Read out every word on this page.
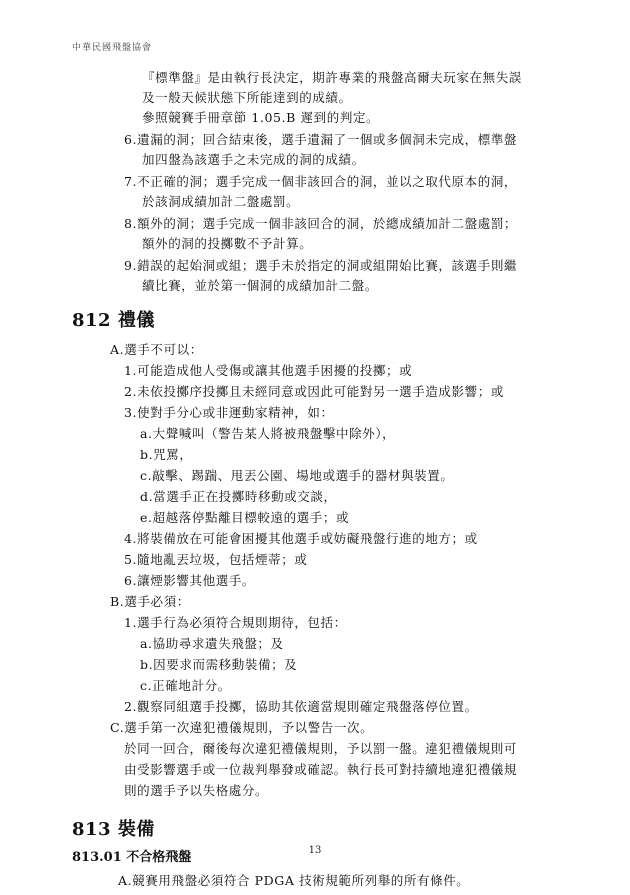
中華民國飛盤協會
812 禮儀
813 裝備
813.01 不合格飛盤
『標準盤』是由執行長決定，期許專業的飛盤高爾夫玩家在無失誤
及一般天候狀態下所能達到的成績。
參照競賽手冊章節 1.05.B 遲到的判定。
6.遺漏的洞；回合結束後，選手遺漏了一個或多個洞未完成，標準盤
加四盤為該選手之未完成的洞的成績。
7.不正確的洞；選手完成一個非該回合的洞，並以之取代原本的洞，
於該洞成績加計二盤處罰。
8.額外的洞；選手完成一個非該回合的洞，於總成績加計二盤處罰；
額外的洞的投擲數不予計算。
9.錯誤的起始洞或組；選手未於指定的洞或組開始比賽，該選手則繼
續比賽，並於第一個洞的成績加計二盤。
A.選手不可以：
1.可能造成他人受傷或讓其他選手困擾的投擲；或
2.未依投擲序投擲且未經同意或因此可能對另一選手造成影響；或
3.使對手分心或非運動家精神，如：
a.大聲喊叫（警告某人將被飛盤擊中除外），
b.咒罵，
c.敲擊、踢踹、甩丟公園、場地或選手的器材與裝置。
d.當選手正在投擲時移動或交談，
e.超越落停點離目標較遠的選手；或
4.將裝備放在可能會困擾其他選手或妨礙飛盤行進的地方；或
5.隨地亂丟垃圾，包括煙蒂；或
6.讓煙影響其他選手。
B.選手必須：
1.選手行為必須符合規則期待，包括：
a.協助尋求遺失飛盤；及
b.因要求而需移動裝備；及
c.正確地計分。
2.觀察同組選手投擲，協助其依適當規則確定飛盤落停位置。
C.選手第一次違犯禮儀規則，予以警告一次。
於同一回合，爾後每次違犯禮儀規則，予以罰一盤。違犯禮儀規則可
由受影響選手或一位裁判舉發或確認。執行長可對持續地違犯禮儀規
則的選手予以失格處分。
A.競賽用飛盤必須符合 PDGA 技術規範所列舉的所有條件。
13
